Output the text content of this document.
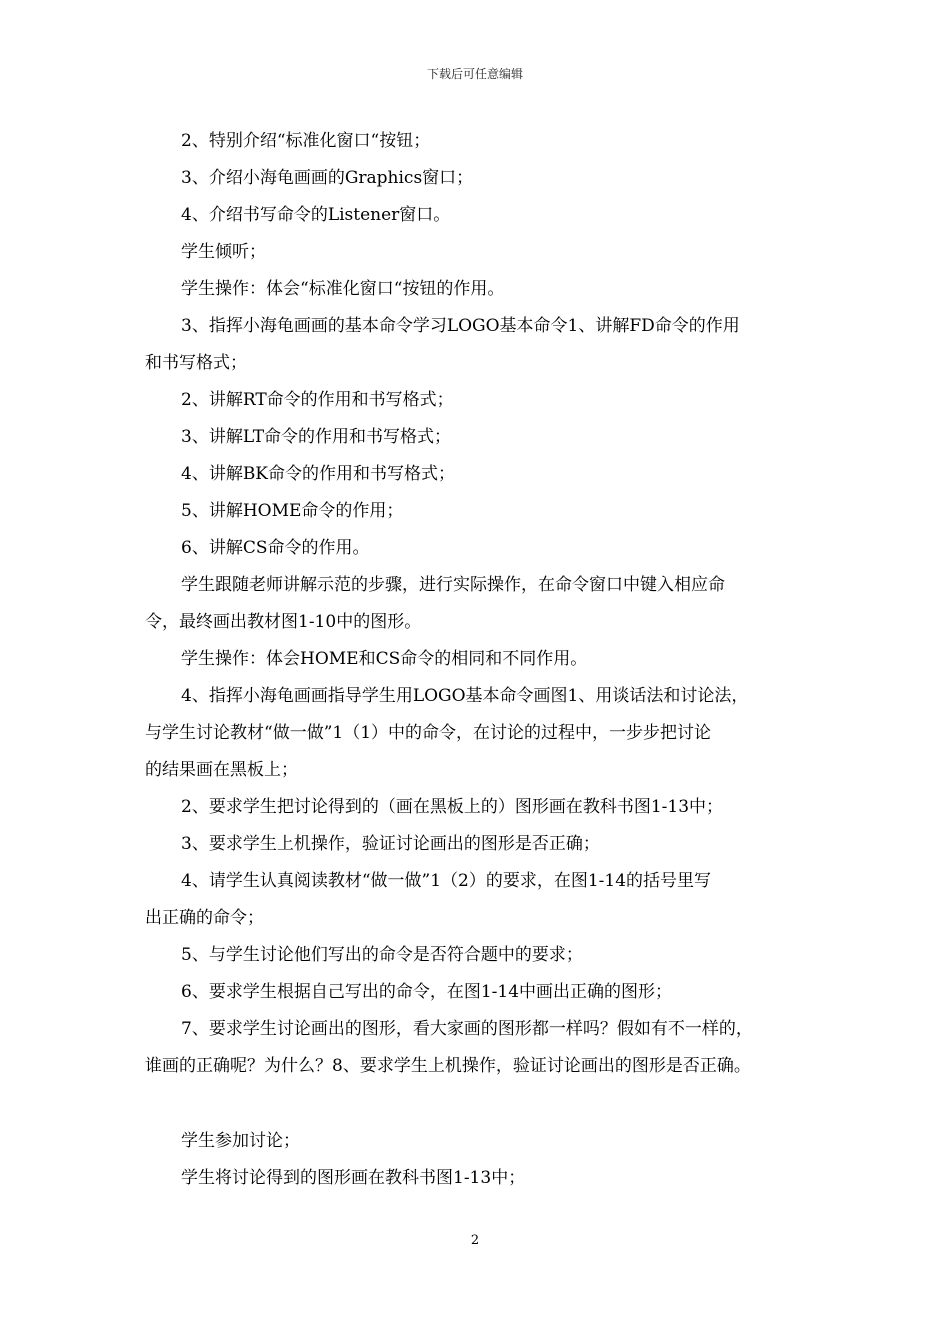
下载后可任意编辑

2、特别介绍“标准化窗口“按钮；

3、介绍小海龟画画的Graphics窗口；

4、介绍书写命令的Listener窗口。

学生倾听；

学生操作：体会“标准化窗口“按钮的作用。

3、指挥小海龟画画的基本命令学习LOGO基本命令1、讲解FD命令的作用

和书写格式；

2、讲解RT命令的作用和书写格式；

3、讲解LT命令的作用和书写格式；

4、讲解BK命令的作用和书写格式；

5、讲解HOME命令的作用；

6、讲解CS命令的作用。

学生跟随老师讲解示范的步骤，进行实际操作，在命令窗口中键入相应命

令，最终画出教材图1-10中的图形。

学生操作：体会HOME和CS命令的相同和不同作用。

4、指挥小海龟画画指导学生用LOGO基本命令画图1、用谈话法和讨论法，

与学生讨论教材“做一做”1（1）中的命令，在讨论的过程中，一步步把讨论

的结果画在黑板上；

2、要求学生把讨论得到的（画在黑板上的）图形画在教科书图1-13中；

3、要求学生上机操作，验证讨论画出的图形是否正确；

4、请学生认真阅读教材“做一做”1（2）的要求，在图1-14的括号里写

出正确的命令；

5、与学生讨论他们写出的命令是否符合题中的要求；

6、要求学生根据自己写出的命令，在图1-14中画出正确的图形；

7、要求学生讨论画出的图形，看大家画的图形都一样吗？假如有不一样的，

谁画的正确呢？为什么？8、要求学生上机操作，验证讨论画出的图形是否正确。

学生参加讨论；

学生将讨论得到的图形画在教科书图1-13中；

2
